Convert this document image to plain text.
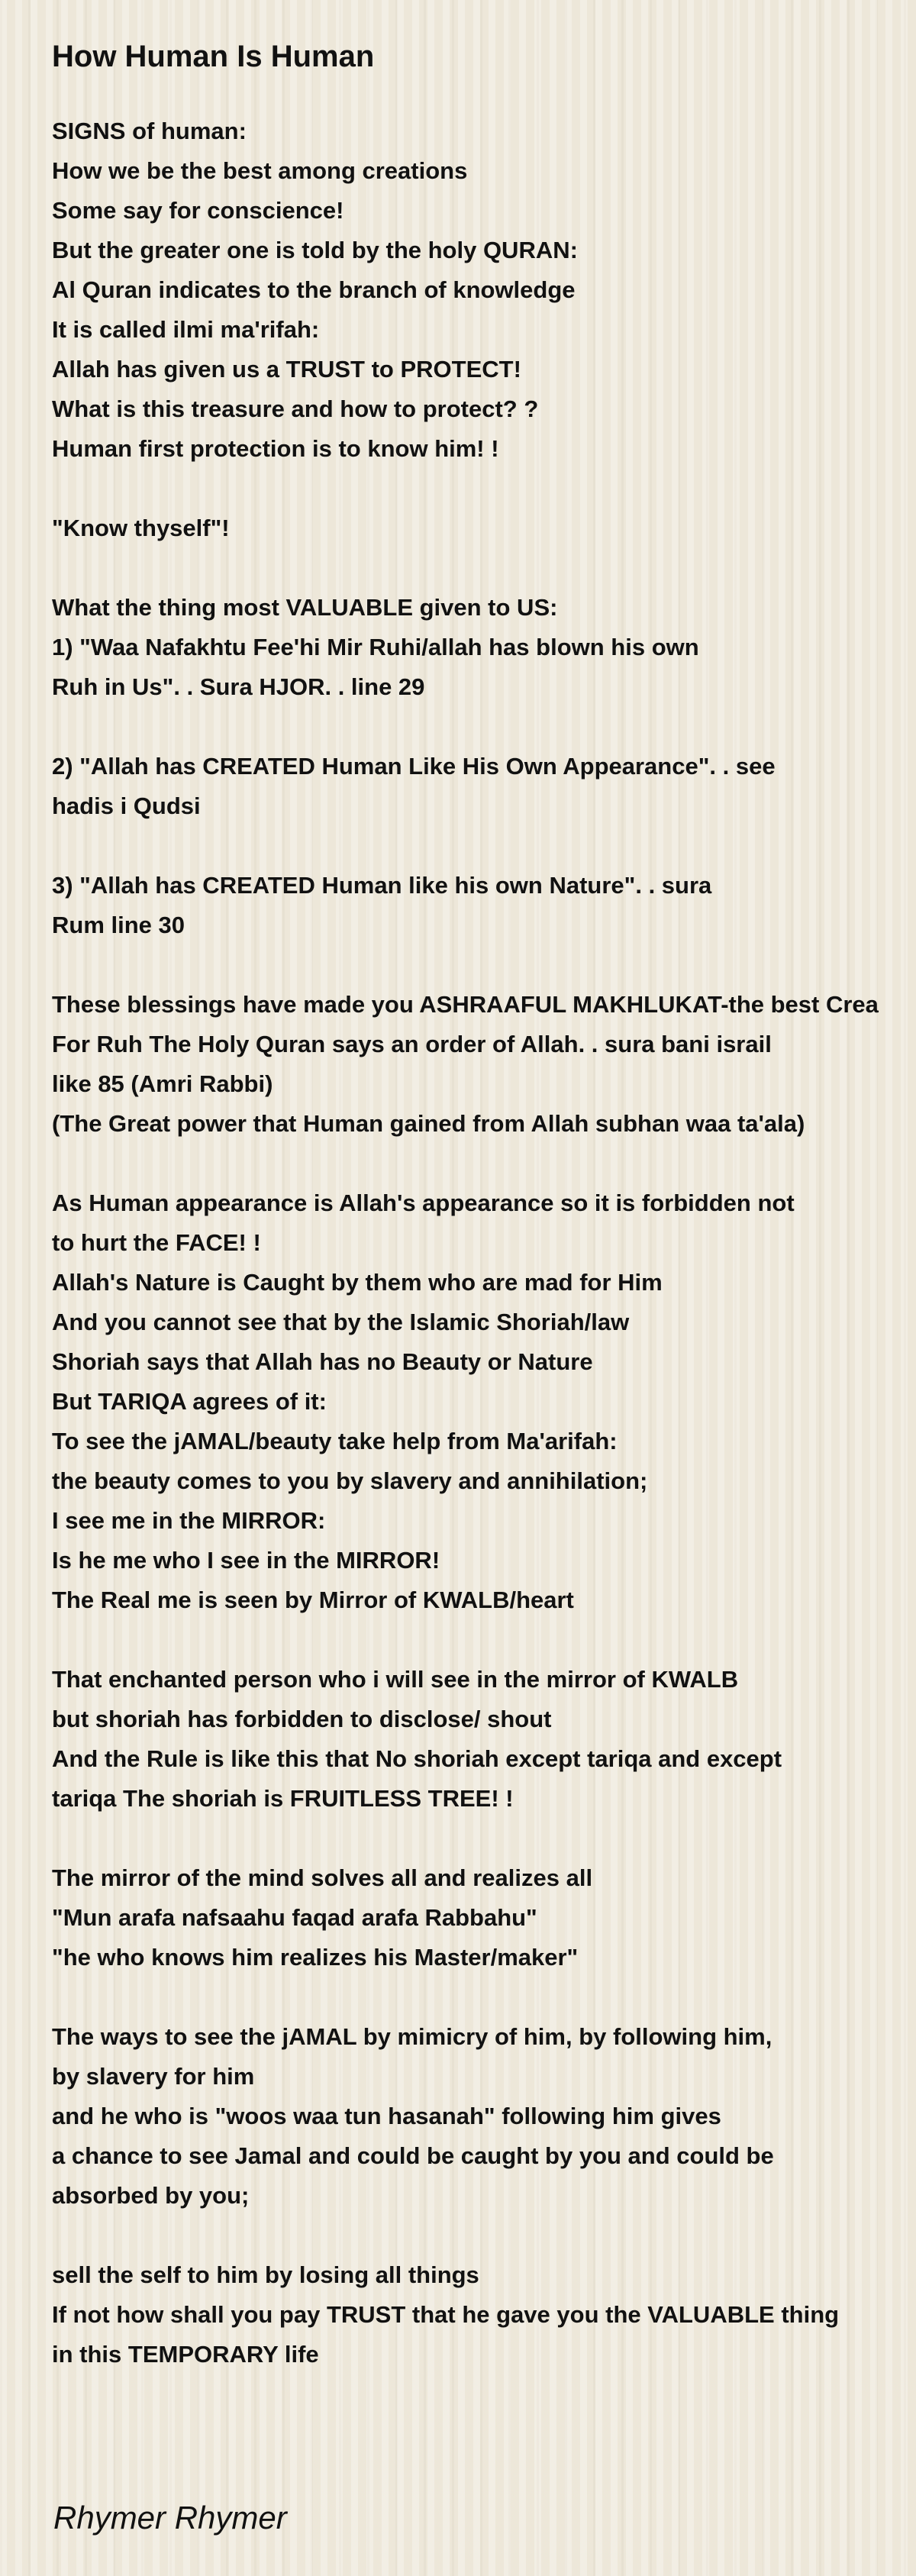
How Human Is Human
SIGNS of human:
How we be the best among creations
Some say for conscience!
But the greater one is told by the holy QURAN:
Al Quran indicates to the branch of knowledge
It is called ilmi ma'rifah:
Allah has given us a TRUST to PROTECT!
What is this treasure and how to protect? ?
Human first protection is to know him! !
"Know thyself"!
What the thing most VALUABLE given to US:
1) "Waa Nafakhtu Fee'hi Mir Ruhi/allah has blown his own
Ruh in Us". . Sura HJOR. . line 29
2) "Allah has CREATED Human Like His Own Appearance". . see
hadis i Qudsi
3) "Allah has CREATED Human like his own Nature". . sura
Rum line 30
These blessings have made you ASHRAAFUL MAKHLUKAT-the best Crea
For Ruh The Holy Quran says an order of Allah. . sura bani israil
like 85 (Amri Rabbi)
(The Great power that Human gained from Allah subhan waa ta'ala)
As Human appearance is Allah's appearance so it is forbidden not
to hurt the FACE! !
Allah's Nature is Caught by them who are mad for Him
And you cannot see that by the Islamic Shoriah/law
Shoriah says that Allah has no Beauty or Nature
But TARIQA agrees of it:
To see the jAMAL/beauty take help from Ma'arifah:
the beauty comes to you by slavery and annihilation;
I see me in the MIRROR:
Is he me who I see in the MIRROR!
The Real me is seen by Mirror of KWALB/heart
That enchanted person who i will see in the mirror of KWALB
but shoriah has forbidden to disclose/ shout
And the Rule is like this that No shoriah except tariqa and except
tariqa The shoriah is FRUITLESS TREE! !
The mirror of the mind solves all and realizes all
"Mun arafa nafsaahu faqad arafa Rabbahu"
"he who knows him realizes his Master/maker"
The ways to see the jAMAL by mimicry of him, by following him,
by slavery for him
and he who is "woos waa tun hasanah" following him gives
a chance to see Jamal and could be caught by you and could be
absorbed by you;
sell the self to him by losing all things
If not how shall you pay TRUST that he gave you the VALUABLE thing
in this TEMPORARY life
Rhymer Rhymer
